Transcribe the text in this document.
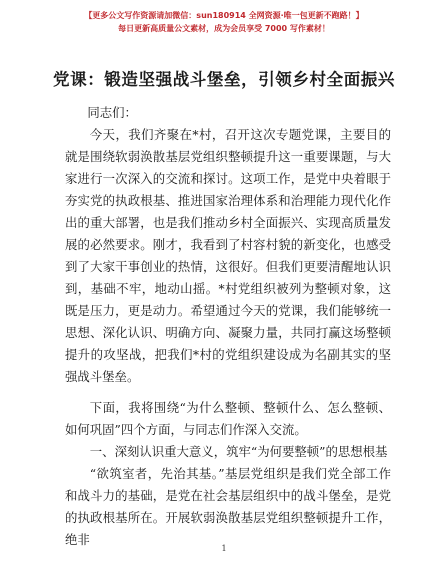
【更多公文写作资源请加微信：sun180914 全网资源·唯一包更新不跑路！】
每日更新高质量公文素材，成为会员享受 7000 写作素材！
党课：锻造坚强战斗堡垒，引领乡村全面振兴

同志们：

今天，我们齐聚在*村，召开这次专题党课，主要目的就是围绕软弱涣散基层党组织整顿提升这一重要课题，与大家进行一次深入的交流和探讨。这项工作，是党中央着眼于夯实党的执政根基、推进国家治理体系和治理能力现代化作出的重大部署，也是我们推动乡村全面振兴、实现高质量发展的必然要求。刚才，我看到了村容村貌的新变化，也感受到了大家干事创业的热情，这很好。但我们更要清醒地认识到，基础不牢，地动山摇。*村党组织被列为整顿对象，这既是压力，更是动力。希望通过今天的党课，我们能够统一思想、深化认识、明确方向、凝聚力量，共同打赢这场整顿提升的攻坚战，把我们*村的党组织建设成为名副其实的坚强战斗堡垒。

下面，我将围绕“为什么整顿、整顿什么、怎么整顿、如何巩固”四个方面，与同志们作深入交流。

一、深刻认识重大意义，筑牢“为何要整顿”的思想根基

“欲筑室者，先治其基。”基层党组织是我们党全部工作和战斗力的基础，是党在社会基层组织中的战斗堡垒，是党的执政根基所在。开展软弱涣散基层党组织整顿提升工作，绝非

1
